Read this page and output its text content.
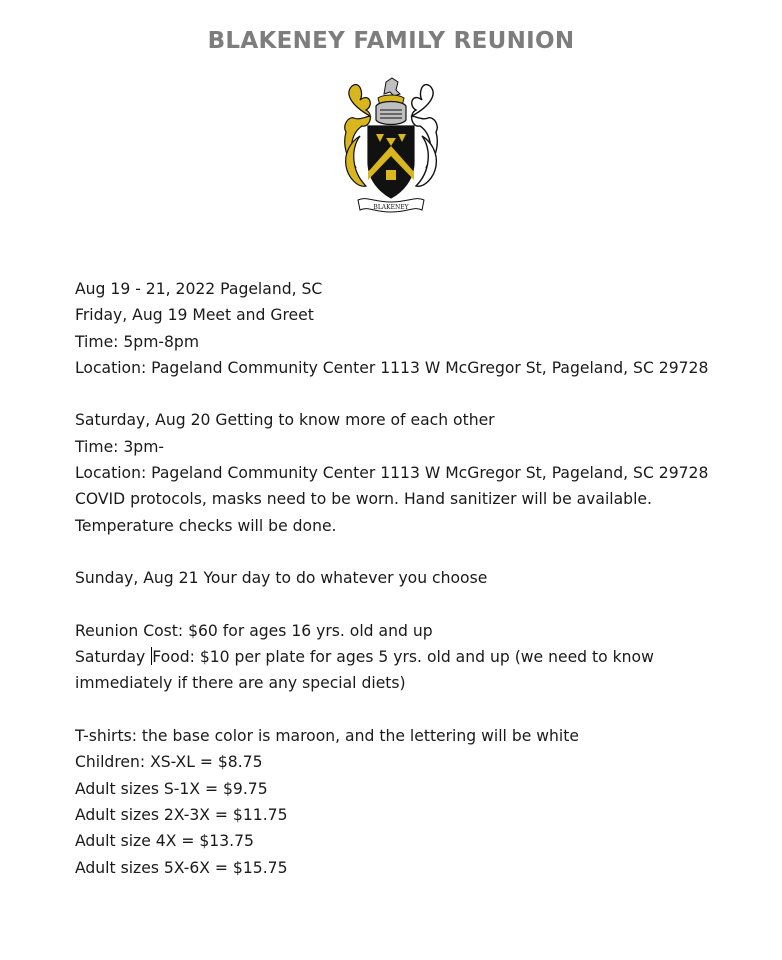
BLAKENEY FAMILY REUNION
BLAKENEY
Aug 19 - 21, 2022 Pageland, SC
Friday, Aug 19 Meet and Greet
Time: 5pm-8pm
Location: Pageland Community Center 1113 W McGregor St, Pageland, SC 29728
Saturday, Aug 20 Getting to know more of each other
Time: 3pm-
Location: Pageland Community Center 1113 W McGregor St, Pageland, SC 29728
COVID protocols, masks need to be worn. Hand sanitizer will be available. Temperature checks will be done.
Sunday, Aug 21 Your day to do whatever you choose
Reunion Cost: $60 for ages 16 yrs. old and up
Saturday Food: $10 per plate for ages 5 yrs. old and up (we need to know immediately if there are any special diets)
T-shirts: the base color is maroon, and the lettering will be white
Children: XS-XL = $8.75
Adult sizes S-1X = $9.75
Adult sizes 2X-3X = $11.75
Adult size 4X = $13.75
Adult sizes 5X-6X = $15.75
